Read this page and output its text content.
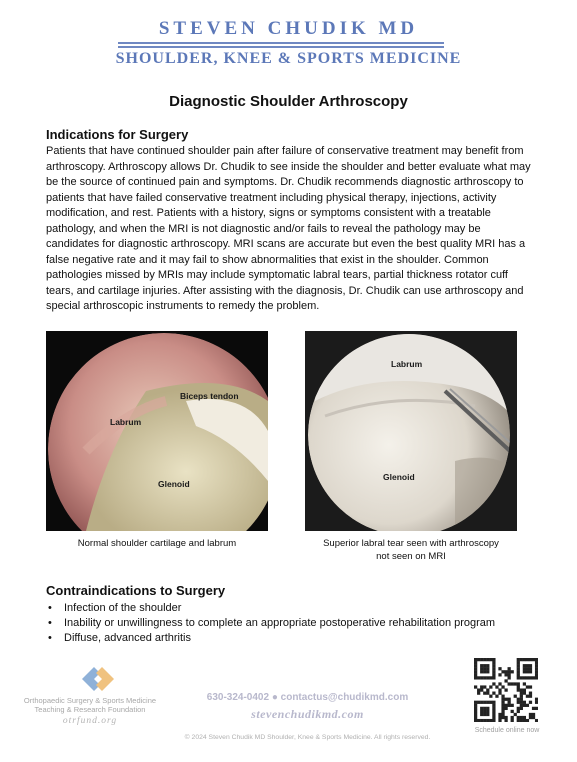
STEVEN CHUDIK MD
SHOULDER, KNEE & SPORTS MEDICINE
Diagnostic Shoulder Arthroscopy
Indications for Surgery
Patients that have continued shoulder pain after failure of conservative treatment may benefit from arthroscopy. Arthroscopy allows Dr. Chudik to see inside the shoulder and better evaluate what may be the source of continued pain and symptoms. Dr. Chudik recommends diagnostic arthroscopy to patients that have failed conservative treatment including physical therapy, injections, activity modification, and rest. Patients with a history, signs or symptoms consistent with a treatable pathology, and when the MRI is not diagnostic and/or fails to reveal the pathology may be candidates for diagnostic arthroscopy. MRI scans are accurate but even the best quality MRI has a false negative rate and it may fail to show abnormalities that exist in the shoulder. Common pathologies missed by MRIs may include symptomatic labral tears, partial thickness rotator cuff tears, and cartilage injuries. After assisting with the diagnosis, Dr. Chudik can use arthroscopy and special arthroscopic instruments to remedy the problem.
Biceps tendon
Labrum
Glenoid
Normal shoulder cartilage and labrum
Labrum
Glenoid
Superior labral tear seen with arthroscopy
not seen on MRI
Contraindications to Surgery
• Infection of the shoulder
• Inability or unwillingness to complete an appropriate postoperative rehabilitation program
• Diffuse, advanced arthritis
Orthopaedic Surgery & Sports Medicine
Teaching & Research Foundation
otrfund.org
630-324-0402 ● contactus@chudikmd.com
stevenchudikmd.com
© 2024 Steven Chudik MD Shoulder, Knee & Sports Medicine. All rights reserved.
Schedule online now
